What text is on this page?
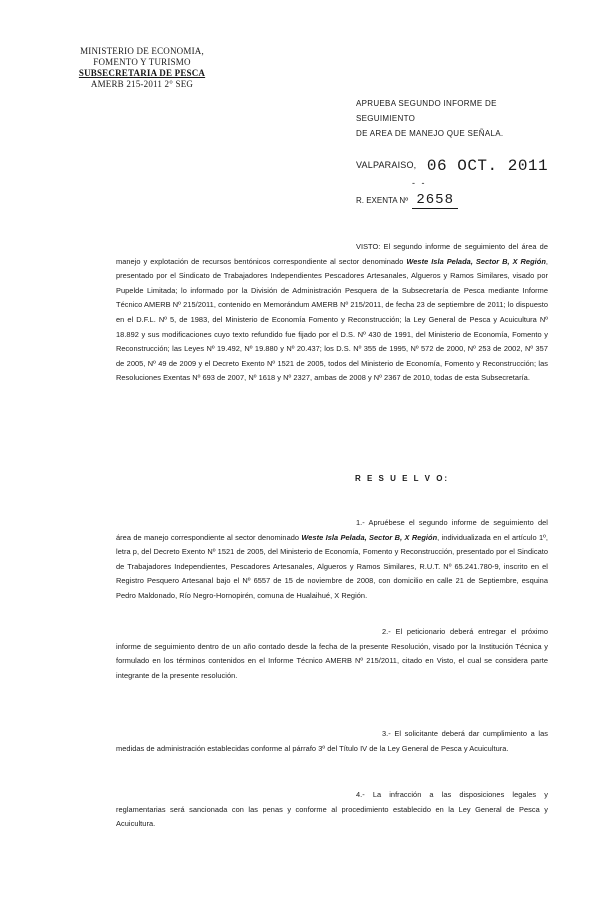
MINISTERIO DE ECONOMIA,
FOMENTO Y TURISMO
SUBSECRETARIA DE PESCA
AMERB 215-2011 2° SEG
APRUEBA SEGUNDO INFORME DE SEGUIMIENTO
DE AREA DE MANEJO QUE SEÑALA.
VALPARAISO, 06 OCT. 2011
- -
R. EXENTA Nº 2658
VISTO: El segundo informe de seguimiento del área de manejo y explotación de recursos bentónicos correspondiente al sector denominado Weste Isla Pelada, Sector B, X Región, presentado por el Sindicato de Trabajadores Independientes Pescadores Artesanales, Algueros y Ramos Similares, visado por Pupelde Limitada; lo informado por la División de Administración Pesquera de la Subsecretaría de Pesca mediante Informe Técnico AMERB Nº 215/2011, contenido en Memorándum AMERB Nº 215/2011, de fecha 23 de septiembre de 2011; lo dispuesto en el D.F.L. Nº 5, de 1983, del Ministerio de Economía Fomento y Reconstrucción; la Ley General de Pesca y Acuicultura Nº 18.892 y sus modificaciones cuyo texto refundido fue fijado por el D.S. Nº 430 de 1991, del Ministerio de Economía, Fomento y Reconstrucción; las Leyes Nº 19.492, Nº 19.880 y Nº 20.437; los D.S. Nº 355 de 1995, Nº 572 de 2000, Nº 253 de 2002, Nº 357 de 2005, Nº 49 de 2009 y el Decreto Exento Nº 1521 de 2005, todos del Ministerio de Economía, Fomento y Reconstrucción; las Resoluciones Exentas Nº 693 de 2007, Nº 1618 y Nº 2327, ambas de 2008 y Nº 2367 de 2010, todas de esta Subsecretaría.
R E S U E L V O:
1.- Apruébese el segundo informe de seguimiento del área de manejo correspondiente al sector denominado Weste Isla Pelada, Sector B, X Región, individualizada en el artículo 1º, letra p, del Decreto Exento Nº 1521 de 2005, del Ministerio de Economía, Fomento y Reconstrucción, presentado por el Sindicato de Trabajadores Independientes, Pescadores Artesanales, Algueros y Ramos Similares, R.U.T. Nº 65.241.780-9, inscrito en el Registro Pesquero Artesanal bajo el Nº 6557 de 15 de noviembre de 2008, con domicilio en calle 21 de Septiembre, esquina Pedro Maldonado, Río Negro-Hornopirén, comuna de Hualaihué, X Región.
2.- El peticionario deberá entregar el próximo informe de seguimiento dentro de un año contado desde la fecha de la presente Resolución, visado por la Institución Técnica y formulado en los términos contenidos en el Informe Técnico AMERB Nº 215/2011, citado en Visto, el cual se considera parte integrante de la presente resolución.
3.- El solicitante deberá dar cumplimiento a las medidas de administración establecidas conforme al párrafo 3º del Título IV de la Ley General de Pesca y Acuicultura.
4.- La infracción a las disposiciones legales y reglamentarias será sancionada con las penas y conforme al procedimiento establecido en la Ley General de Pesca y Acuicultura.
